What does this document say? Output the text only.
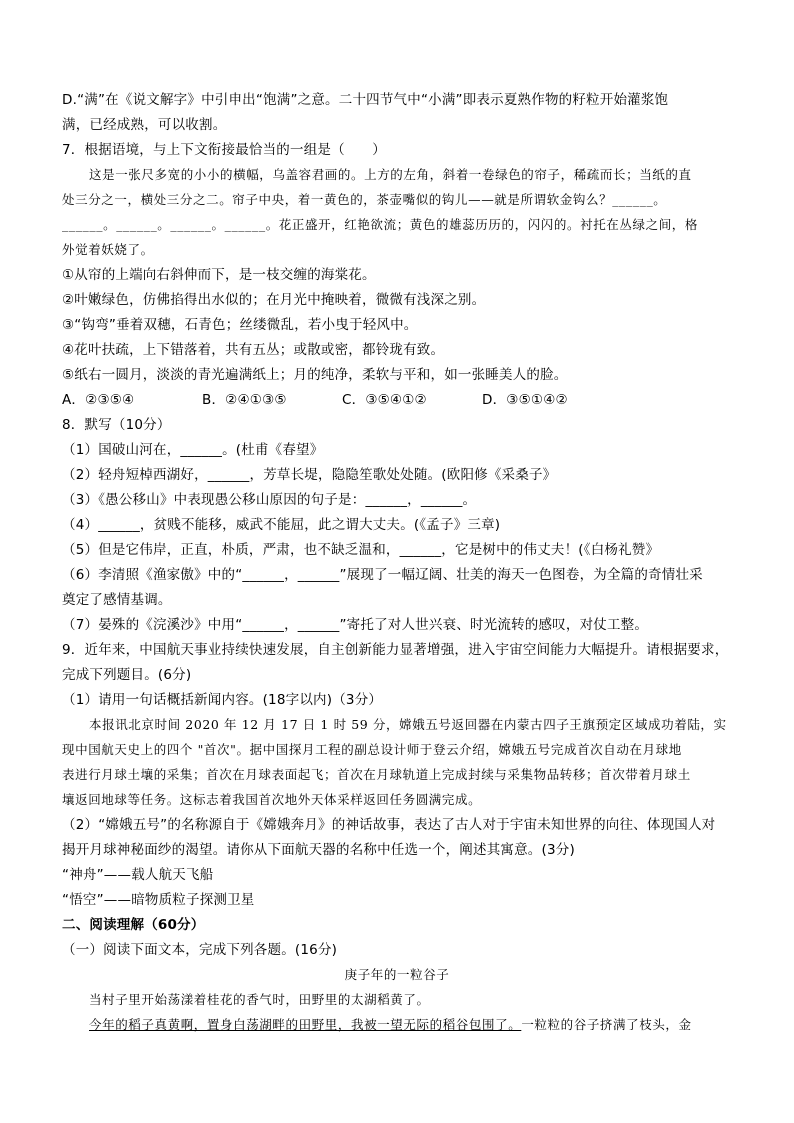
D.“满”在《说文解字》中引申出“饱满”之意。二十四节气中“小满”即表示夏熟作物的籽粒开始灌浆饱
满，已经成熟，可以收割。
7．根据语境，与上下文衔接最恰当的一组是（　　）
这是一张尺多宽的小小的横幅，乌盖容君画的。上方的左角，斜着一卷绿色的帘子，稀疏而长；当纸的直
处三分之一，横处三分之二。帘子中央，着一黄色的，茶壶嘴似的钩儿——就是所谓软金钩么？______。
______。______。______。______。花正盛开，红艳欲流；黄色的雄蕊历历的，闪闪的。衬托在丛绿之间，格
外觉着妖娆了。
①从帘的上端向右斜伸而下，是一枝交缠的海棠花。
②叶嫩绿色，仿佛掐得出水似的；在月光中掩映着，微微有浅深之别。
③“钩弯”垂着双穗，石青色；丝缕微乱，若小曳于轻风中。
④花叶扶疏，上下错落着，共有五丛；或散或密，都铃珑有致。
⑤纸右一圆月，淡淡的青光遍满纸上；月的纯净，柔软与平和，如一张睡美人的脸。
A．②③⑤④	B．②④①③⑤	C．③⑤④①②	D．③⑤①④②
8．默写（10分）
（1）国破山河在，______。(杜甫《春望》
（2）轻舟短棹西湖好，______，芳草长堤，隐隐笙歌处处随。(欧阳修《采桑子》
（3）《愚公移山》中表现愚公移山原因的句子是：______，______。
（4）______，贫贱不能移，威武不能屈，此之谓大丈夫。(《孟子》三章)
（5）但是它伟岸，正直，朴质，严肃，也不缺乏温和，______，它是树中的伟丈夫！(《白杨礼赞》
（6）李清照《渔家傲》中的“______，______”展现了一幅辽阔、壮美的海天一色图卷，为全篇的奇情壮采
奠定了感情基调。
（7）晏殊的《浣溪沙》中用“______，______”寄托了对人世兴衰、时光流转的感叹，对仗工整。
9．近年来，中国航天事业持续快速发展，自主创新能力显著增强，进入宇宙空间能力大幅提升。请根据要求，
完成下列题目。(6分)
（1）请用一句话概括新闻内容。(18字以内)（3分）
本报讯北京时间 2020 年 12 月 17 日 1 时 59 分，嫦娥五号返回器在内蒙古四子王旗预定区域成功着陆，实
现中国航天史上的四个 "首次"。据中国探月工程的副总设计师于登云介绍，嫦娥五号完成首次自动在月球地
表进行月球土壤的采集；首次在月球表面起飞；首次在月球轨道上完成封续与采集物品转移；首次带着月球土
壤返回地球等任务。这标志着我国首次地外天体采样返回任务圆满完成。
（2）“嫦娥五号”的名称源自于《嫦娥奔月》的神话故事，表达了古人对于宇宙未知世界的向往、体现国人对
揭开月球神秘面纱的渴望。请你从下面航天器的名称中任选一个，阐述其寓意。(3分)
“神舟”——载人航天飞船
“悟空”——暗物质粒子探测卫星
二、阅读理解（60分）
（一）阅读下面文本，完成下列各题。(16分)
庚子年的一粒谷子
当村子里开始荡漾着桂花的香气时，田野里的太湖稻黄了。
今年的稻子真黄啊，置身白荡湖畔的田野里，我被一望无际的稻谷包围了。一粒粒的谷子挤满了枝头，金
